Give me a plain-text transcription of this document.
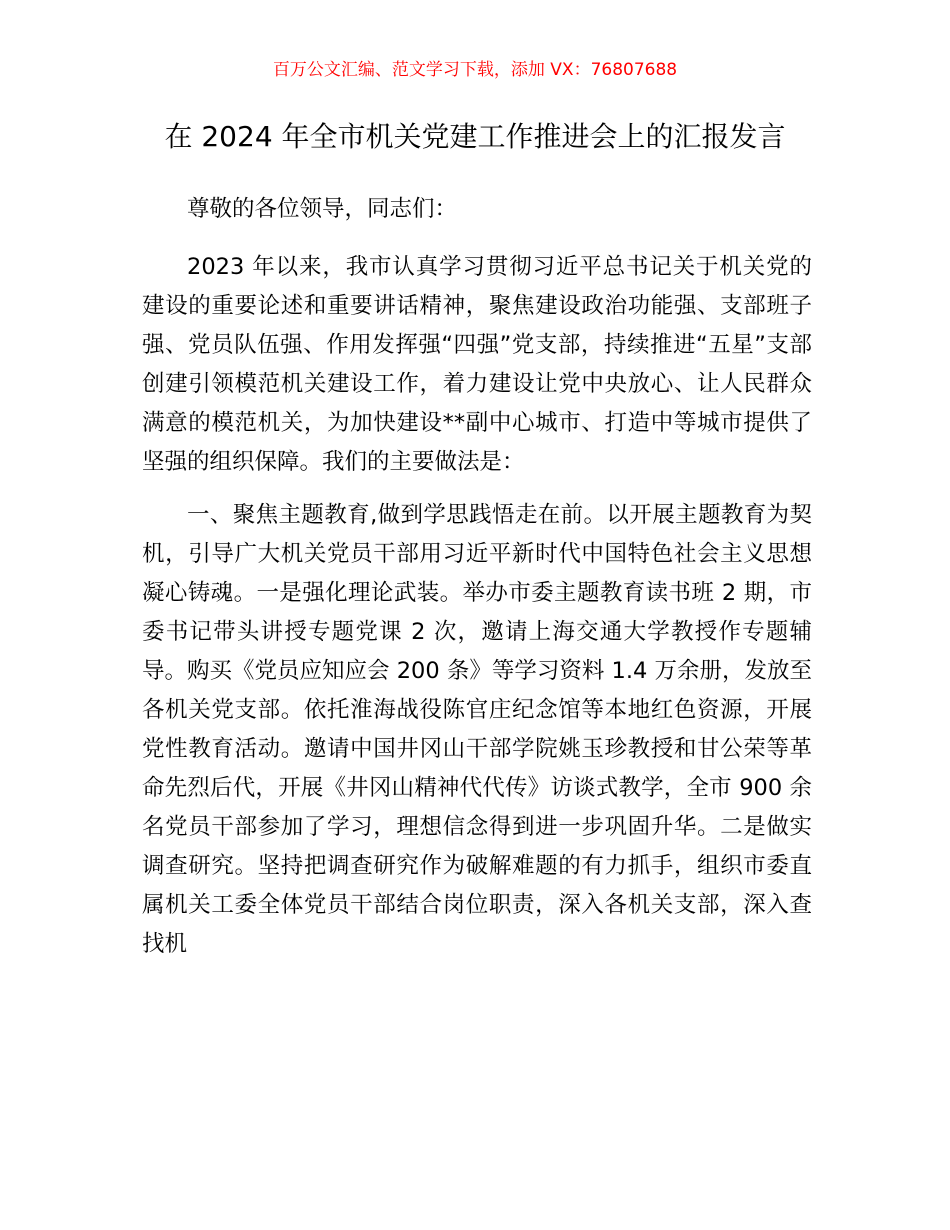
百万公文汇编、范文学习下载，添加 VX：76807688
在 2024 年全市机关党建工作推进会上的汇报发言

尊敬的各位领导，同志们：

2023 年以来，我市认真学习贯彻习近平总书记关于机关党的建设的重要论述和重要讲话精神，聚焦建设政治功能强、支部班子强、党员队伍强、作用发挥强“四强”党支部，持续推进“五星”支部创建引领模范机关建设工作，着力建设让党中央放心、让人民群众满意的模范机关，为加快建设**副中心城市、打造中等城市提供了坚强的组织保障。我们的主要做法是：

一、聚焦主题教育,做到学思践悟走在前。以开展主题教育为契机，引导广大机关党员干部用习近平新时代中国特色社会主义思想凝心铸魂。一是强化理论武装。举办市委主题教育读书班 2 期，市委书记带头讲授专题党课 2 次，邀请上海交通大学教授作专题辅导。购买《党员应知应会 200 条》等学习资料 1.4 万余册，发放至各机关党支部。依托淮海战役陈官庄纪念馆等本地红色资源，开展党性教育活动。邀请中国井冈山干部学院姚玉珍教授和甘公荣等革命先烈后代，开展《井冈山精神代代传》访谈式教学，全市 900 余名党员干部参加了学习，理想信念得到进一步巩固升华。二是做实调查研究。坚持把调查研究作为破解难题的有力抓手，组织市委直属机关工委全体党员干部结合岗位职责，深入各机关支部，深入查找机
